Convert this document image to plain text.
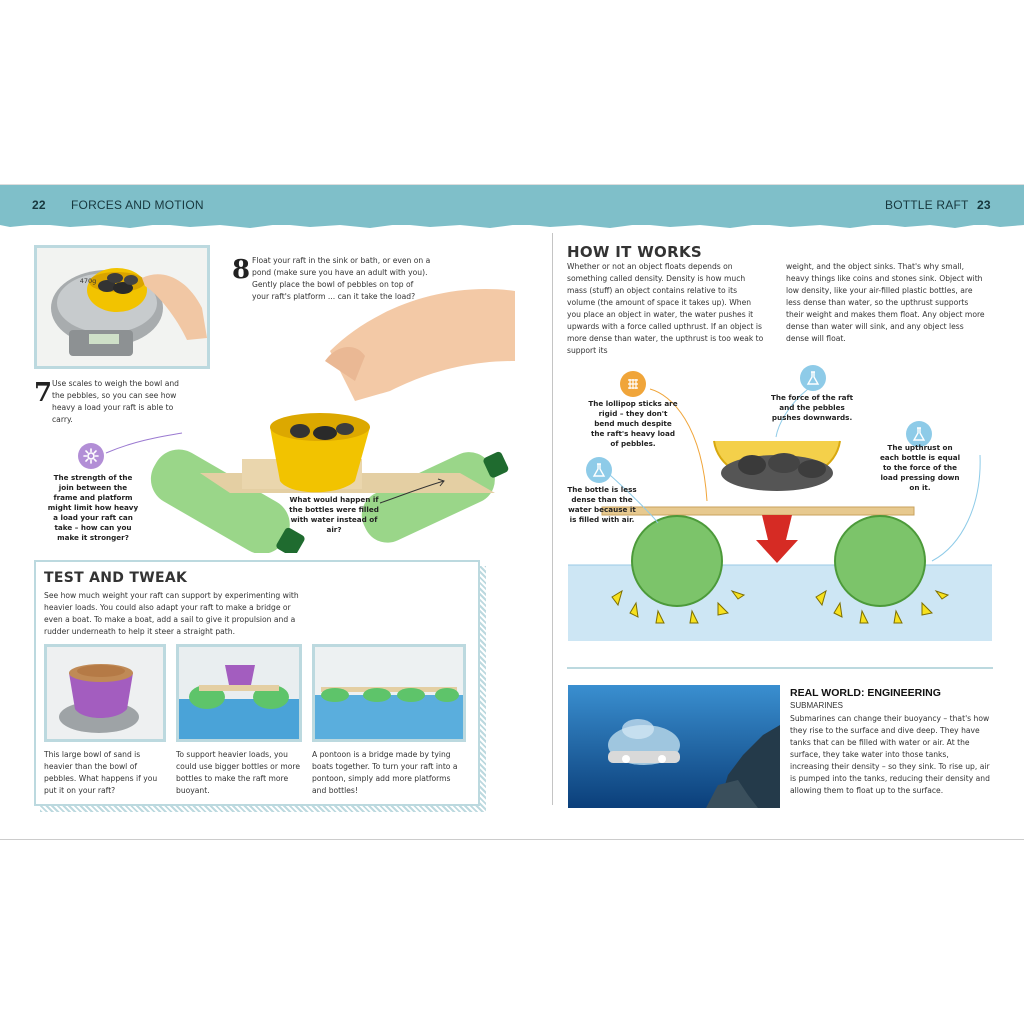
22 FORCES AND MOTION	BOTTLE RAFT 23
470g	8 Float your raft in the sink or bath, or even on a pond (make sure you have an adult with you). Gently place the bowl of pebbles on top of your raft's platform ... can it take the load?
7 Use scales to weigh the bowl and the pebbles, so you can see how heavy a load your raft is able to carry.
The strength of the join between the frame and platform might limit how heavy a load your raft can take – how can you make it stronger?
What would happen if the bottles were filled with water instead of air?
TEST AND TWEAK
See how much weight your raft can support by experimenting with heavier loads. You could also adapt your raft to make a bridge or even a boat. To make a boat, add a sail to give it propulsion and a rudder underneath to help it steer a straight path.
This large bowl of sand is heavier than the bowl of pebbles. What happens if you put it on your raft?
To support heavier loads, you could use bigger bottles or more bottles to make the raft more buoyant.
A pontoon is a bridge made by tying boats together. To turn your raft into a pontoon, simply add more platforms and bottles!
HOW IT WORKS
Whether or not an object floats depends on something called density. Density is how much mass (stuff) an object contains relative to its volume (the amount of space it takes up). When you place an object in water, the water pushes it upwards with a force called upthrust. If an object is more dense than water, the upthrust is too weak to support its
weight, and the object sinks. That's why small, heavy things like coins and stones sink. Object with low density, like your air-filled plastic bottles, are less dense than water, so the upthrust supports their weight and makes them float. Any object more dense than water will sink, and any object less dense will float.
The lollipop sticks are rigid – they don't bend much despite the raft's heavy load of pebbles.
The force of the raft and the pebbles pushes downwards.
The upthrust on each bottle is equal to the force of the load pressing down on it.
The bottle is less dense than the water because it is filled with air.
REAL WORLD: ENGINEERING
SUBMARINES
Submarines can change their buoyancy – that's how they rise to the surface and dive deep. They have tanks that can be filled with water or air. At the surface, they take water into those tanks, increasing their density – so they sink. To rise up, air is pumped into the tanks, reducing their density and allowing them to float up to the surface.
